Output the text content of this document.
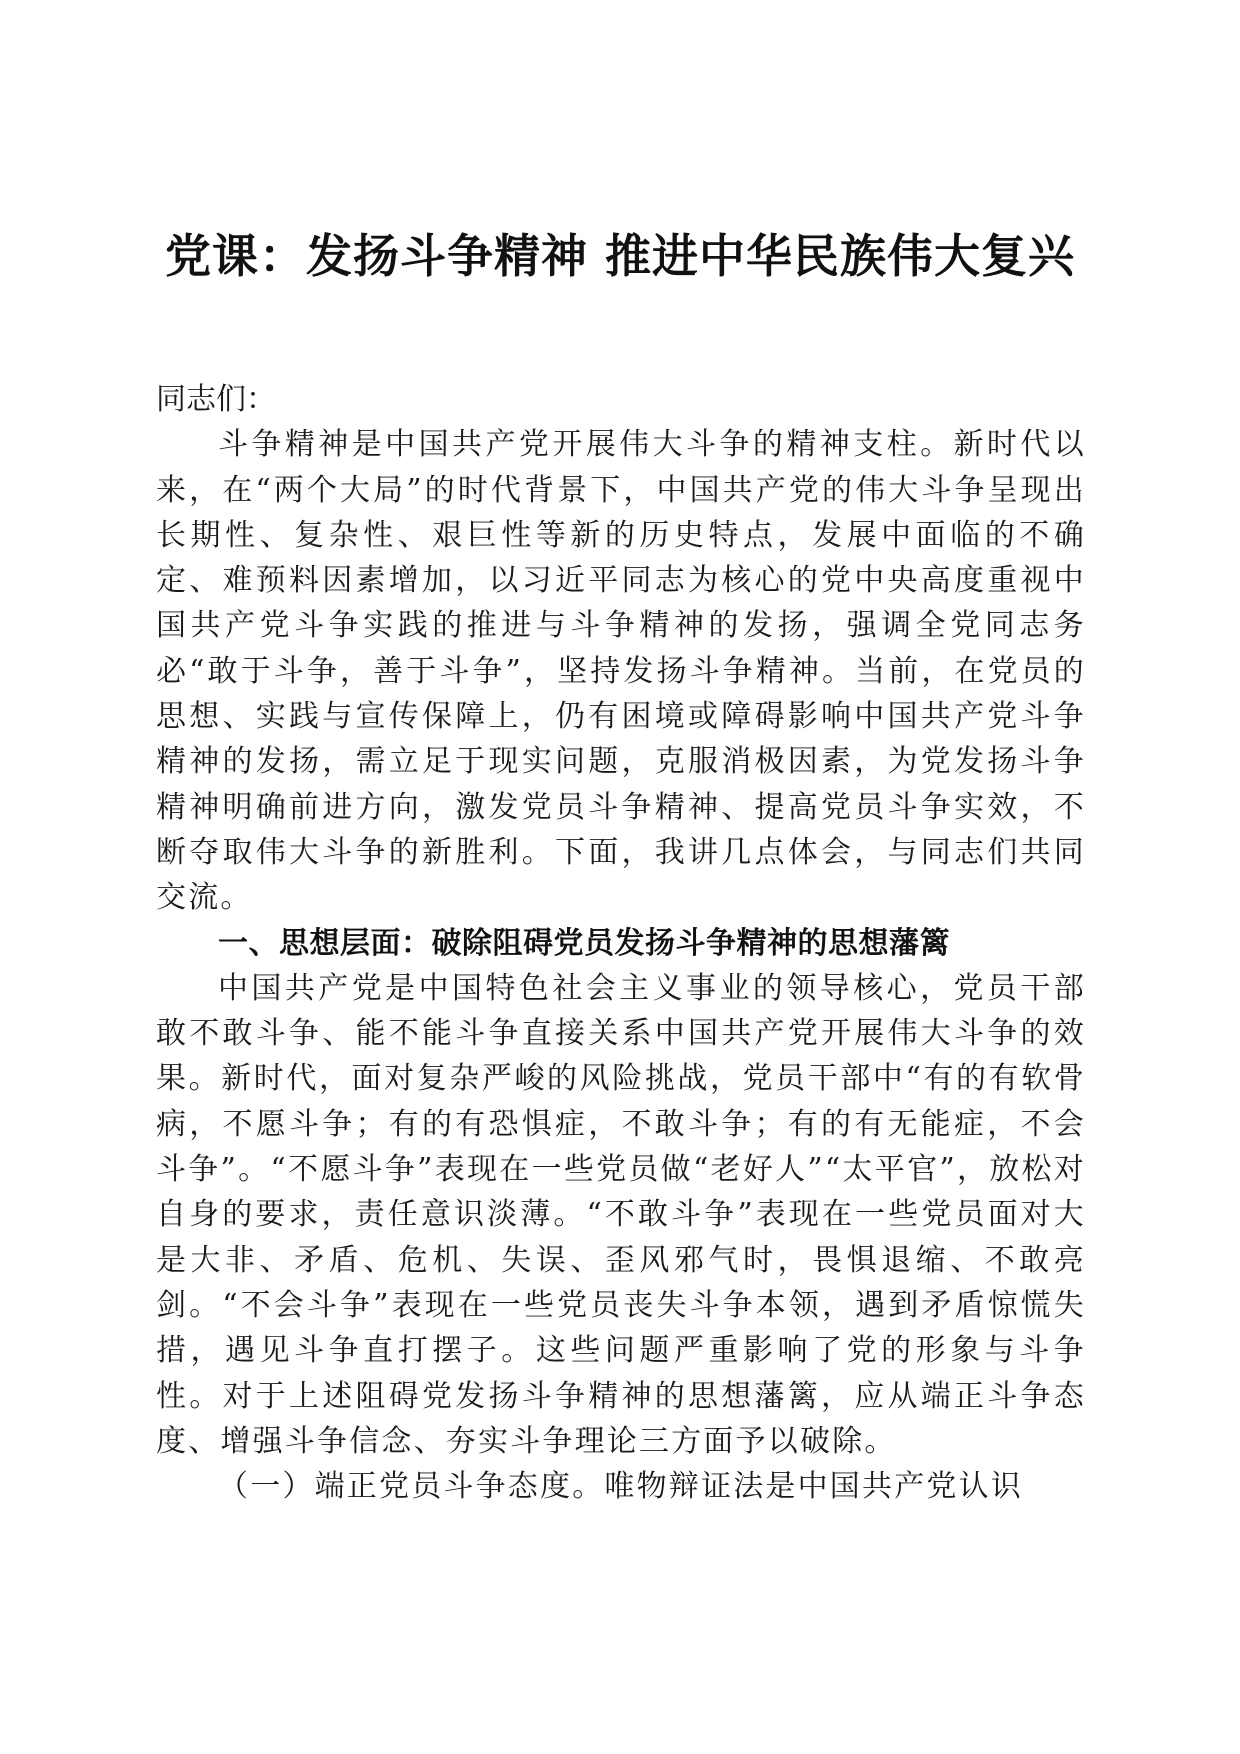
党课：发扬斗争精神 推进中华民族伟大复兴

同志们：

斗争精神是中国共产党开展伟大斗争的精神支柱。新时代以来，在“两个大局”的时代背景下，中国共产党的伟大斗争呈现出长期性、复杂性、艰巨性等新的历史特点，发展中面临的不确定、难预料因素增加，以习近平同志为核心的党中央高度重视中国共产党斗争实践的推进与斗争精神的发扬，强调全党同志务必“敢于斗争，善于斗争”，坚持发扬斗争精神。当前，在党员的思想、实践与宣传保障上，仍有困境或障碍影响中国共产党斗争精神的发扬，需立足于现实问题，克服消极因素，为党发扬斗争精神明确前进方向，激发党员斗争精神、提高党员斗争实效，不断夺取伟大斗争的新胜利。下面，我讲几点体会，与同志们共同交流。

一、思想层面：破除阻碍党员发扬斗争精神的思想藩篱

中国共产党是中国特色社会主义事业的领导核心，党员干部敢不敢斗争、能不能斗争直接关系中国共产党开展伟大斗争的效果。新时代，面对复杂严峻的风险挑战，党员干部中“有的有软骨病，不愿斗争；有的有恐惧症，不敢斗争；有的有无能症，不会斗争”。“不愿斗争”表现在一些党员做“老好人”“太平官”，放松对自身的要求，责任意识淡薄。“不敢斗争”表现在一些党员面对大是大非、矛盾、危机、失误、歪风邪气时，畏惧退缩、不敢亮剑。“不会斗争”表现在一些党员丧失斗争本领，遇到矛盾惊慌失措，遇见斗争直打摆子。这些问题严重影响了党的形象与斗争性。对于上述阻碍党发扬斗争精神的思想藩篱，应从端正斗争态度、增强斗争信念、夯实斗争理论三方面予以破除。

（一）端正党员斗争态度。唯物辩证法是中国共产党认识
